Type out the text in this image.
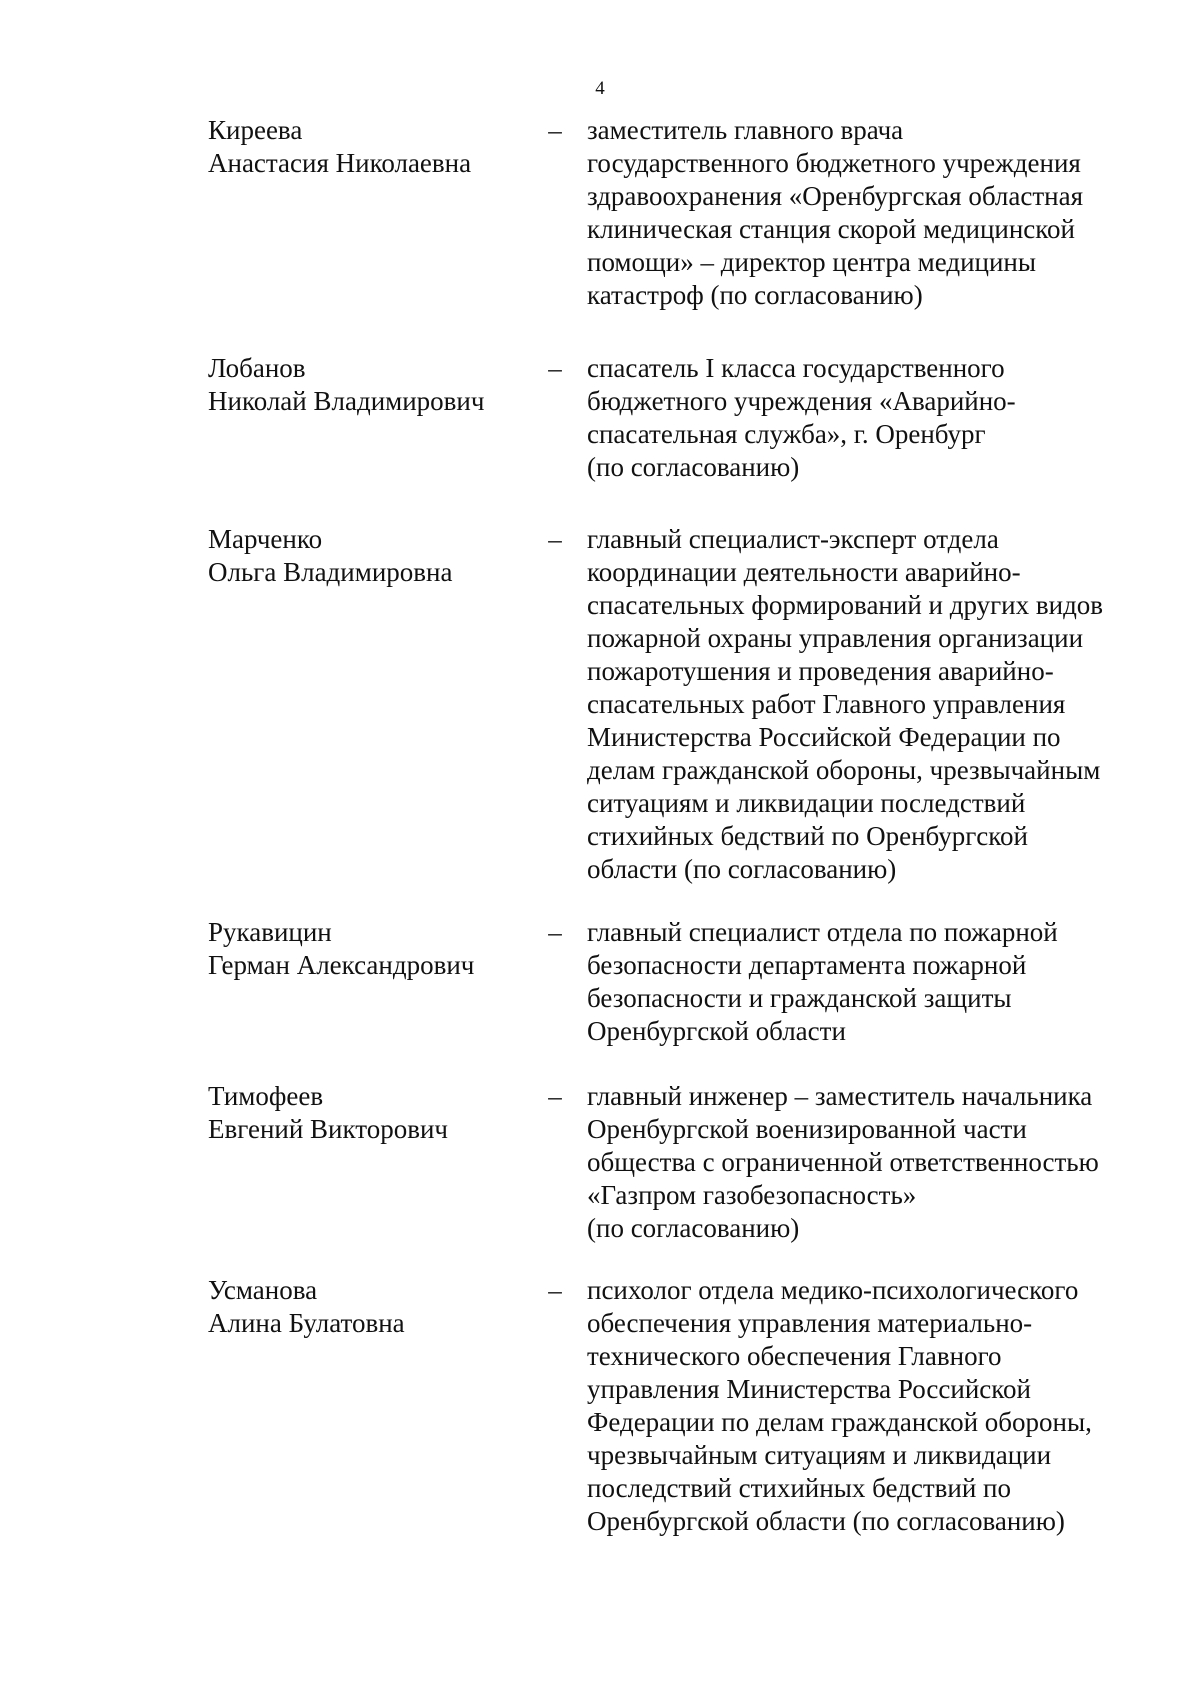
4
Киреева
Анастасия Николаевна
– заместитель главного врача
государственного бюджетного учреждения
здравоохранения «Оренбургская областная
клиническая станция скорой медицинской
помощи» – директор центра медицины
катастроф (по согласованию)
Лобанов
Николай Владимирович
– спасатель I класса государственного
бюджетного учреждения «Аварийно-
спасательная служба», г. Оренбург
(по согласованию)
Марченко
Ольга Владимировна
– главный специалист-эксперт отдела
координации деятельности аварийно-
спасательных формирований и других видов
пожарной охраны управления организации
пожаротушения и проведения аварийно-
спасательных работ Главного управления
Министерства Российской Федерации по
делам гражданской обороны, чрезвычайным
ситуациям и ликвидации последствий
стихийных бедствий по Оренбургской
области (по согласованию)
Рукавицин
Герман Александрович
– главный специалист отдела по пожарной
безопасности департамента пожарной
безопасности и гражданской защиты
Оренбургской области
Тимофеев
Евгений Викторович
– главный инженер – заместитель начальника
Оренбургской военизированной части
общества с ограниченной ответственностью
«Газпром газобезопасность»
(по согласованию)
Усманова
Алина Булатовна
– психолог отдела медико-психологического
обеспечения управления материально-
технического обеспечения Главного
управления Министерства Российской
Федерации по делам гражданской обороны,
чрезвычайным ситуациям и ликвидации
последствий стихийных бедствий по
Оренбургской области (по согласованию)
